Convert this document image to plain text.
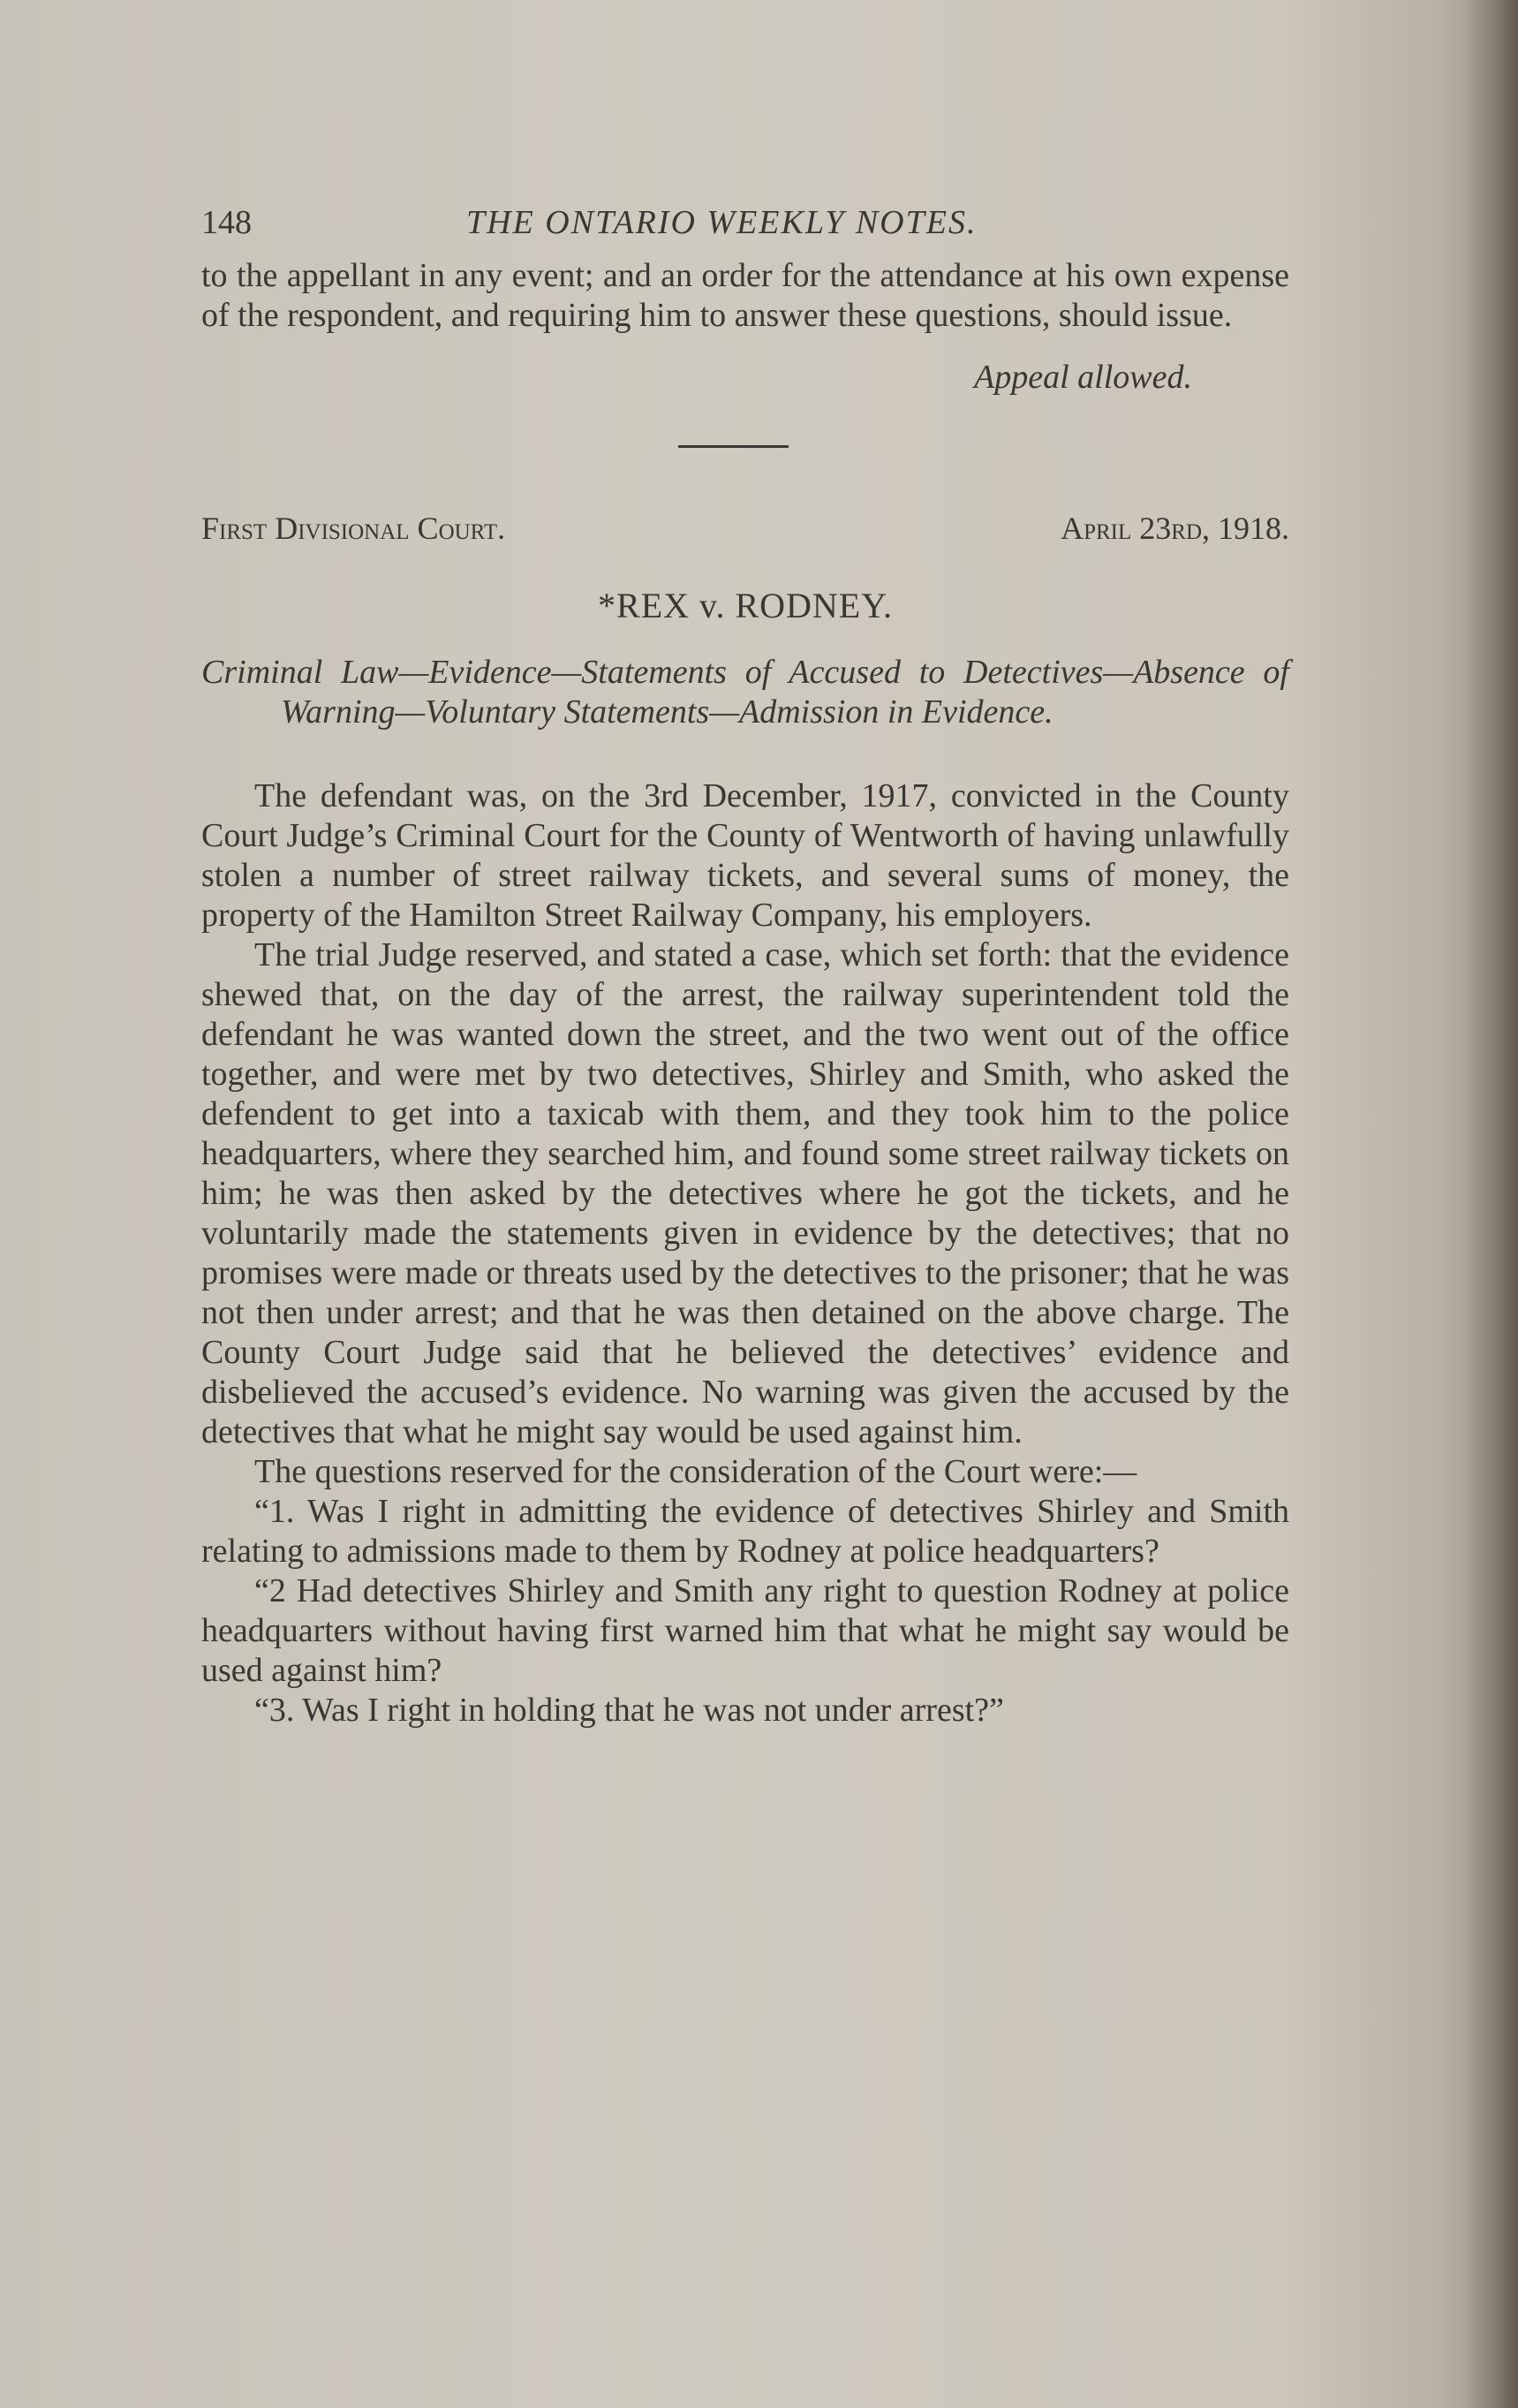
148	THE ONTARIO WEEKLY NOTES.

to the appellant in any event; and an order for the attendance at his own expense of the respondent, and requiring him to answer these questions, should issue.

Appeal allowed.

First Divisional Court.	April 23rd, 1918.

*REX v. RODNEY.

Criminal Law—Evidence—Statements of Accused to Detectives—Absence of Warning—Voluntary Statements—Admission in Evidence.

The defendant was, on the 3rd December, 1917, convicted in the County Court Judge’s Criminal Court for the County of Wentworth of having unlawfully stolen a number of street railway tickets, and several sums of money, the property of the Hamilton Street Railway Company, his employers.

The trial Judge reserved, and stated a case, which set forth: that the evidence shewed that, on the day of the arrest, the railway superintendent told the defendant he was wanted down the street, and the two went out of the office together, and were met by two detectives, Shirley and Smith, who asked the defendent to get into a taxicab with them, and they took him to the police headquarters, where they searched him, and found some street railway tickets on him; he was then asked by the detectives where he got the tickets, and he voluntarily made the statements given in evidence by the detectives; that no promises were made or threats used by the detectives to the prisoner; that he was not then under arrest; and that he was then detained on the above charge. The County Court Judge said that he believed the detectives’ evidence and disbelieved the accused’s evidence. No warning was given the accused by the detectives that what he might say would be used against him.

The questions reserved for the consideration of the Court were:—

“1. Was I right in admitting the evidence of detectives Shirley and Smith relating to admissions made to them by Rodney at police headquarters?

“2 Had detectives Shirley and Smith any right to question Rodney at police headquarters without having first warned him that what he might say would be used against him?

“3. Was I right in holding that he was not under arrest?”
